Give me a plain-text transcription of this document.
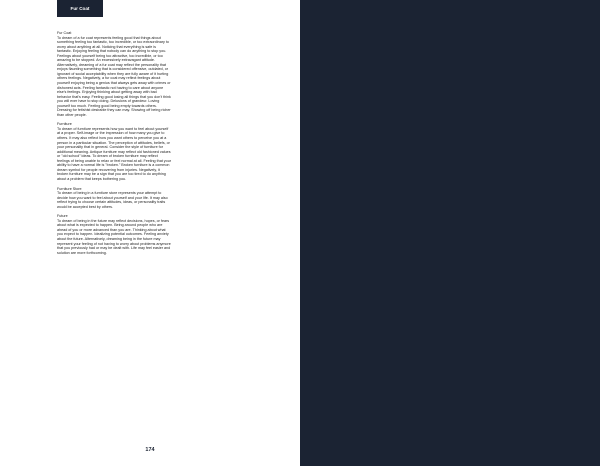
Fur Coat
Fur Coat
To dream of a fur coat represents feeling good that things about something feeling too fantastic, too incredible, or too extraordinary to worry about anything at all. Noticing that everything is safe is fantastic. Enjoying feeling that nobody can do anything to stop you. Feelings about yourself being too attractive, too incredible, or too amazing to be stopped. An excessively extravagant attitude. Alternatively, dreaming of a fur coat may reflect the personality that enjoys flaunting something that is considered offensive, outdated, or ignorant of social acceptability when they are fully aware of it hurting others feelings. Negatively, a fur coat may reflect feelings about yourself enjoying being a genius that always gets away with crimes or dishonest acts. Feeling fantastic not having to care about anyone else's feelings. Enjoying thinking about getting away with bad behavior that's easy. Feeling good losing all things that you don't think you will ever have to stop doing. Delusions of grandeur. Loving yourself too much. Feeling good being empty towards others. Dressing for fetishist desirable they can may. Showing off being richer than other people.
Furniture
To dream of furniture represents how you want to feel about yourself at a proper. Self-image or the impression of how many you give to others. It may also reflect how you want others to perceive you at a person in a particular situation. The perception of attitudes, beliefs, or your personality that in general. Consider the style of furniture for additional meaning. Antique furniture may reflect old fashioned values or "old school" ideas. To dream of broken furniture may reflect feelings of being unable to relax or feel normal at all. Feeling that your ability to have a normal life is "broken." Broken furniture is a common dream symbol for people recovering from injuries. Negatively, it broken furniture may be a sign that you are too tired to do anything about a problem that keeps bothering you.
Furniture Store
To dream of being in a furniture store represents your attempt to decide how you want to feel about yourself and your life. It may also reflect trying to choose certain attitudes, ideas, or personality traits would be accepted best by others.
Future
To dream of being in the future may reflect decisions, hopes, or fears about what is expected to happen. Being around people who are ahead of you or more advanced than you are. Thinking about what you expect to happen. Idealizing potential outcomes. Feeling anxiety about the future. Alternatively, dreaming being in the future may represent your feeling of not having to worry about problems anymore that you previously had or may be dealt with. Life may feel easier and solution are more forthcoming.
174
